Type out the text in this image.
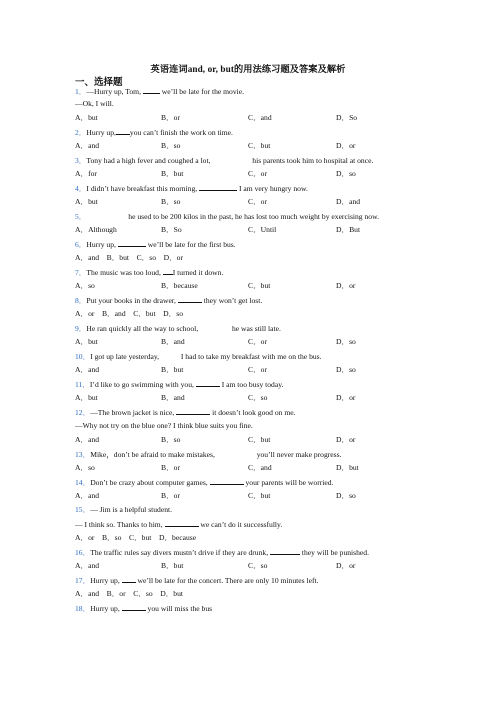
英语连词and, or, but的用法练习题及答案及解析
一、选择题
1．—Hurry up, Tom,  we’ll be late for the movie.
—Ok, I will.
A．but	B．or	C．and	D．So
2．Hurry up, you can’t finish the work on time.
A．and	B．so	C．but	D．or
3．Tony had a high fever and coughed a lot,	his parents took him to hospital at once.
A．for	B．but	C．or	D．so
4．I didn’t have breakfast this morning,	I am very hungry now.
A．but	B．so	C．or	D．and
5．	he used to be 200 kilos in the past, he has lost too much weight by exercising now.
A．Although	B．So	C．Until	D．But
6．Hurry up,	we’ll be late for the first bus.
A．and    B．but    C．so    D．or
7．The music was too loud, I turned it down.
A．so	B．because	C．but	D．or
8．Put your books in the drawer,	they won’t get lost.
A．or    B．and    C．but    D．so
9．He ran quickly all the way to school,	he was still late.
A．but	B．and	C．or	D．so
10．I got up late yesterday,  I had to take my breakfast with me on the bus.
A．and	B．but	C．or	D．so
11．I’d like to go swimming with you,	I am too busy today.
A．but	B．and	C．so	D．or
12．—The brown jacket is nice,	it doesn’t look good on me.
—Why not try on the blue one? I think blue suits you fine.
A．and	B．so	C．but	D．or
13．Mike，don’t be afraid to make mistakes,	you’ll never make progress.
A．so	B．or	C．and	D．but
14．Don’t be crazy about computer games,	your parents will be worried.
A．and	B．or	C．but	D．so
15．— Jim is a helpful student.
— I think so. Thanks to him,	we can’t do it successfully.
A．or    B．so    C．but    D．because
16．The traffic rules say divers mustn’t drive if they are drunk,	they will be punished.
A．and	B．but	C．so	D．or
17．Hurry up,  we’ll be late for the concert. There are only 10 minutes left.
A．and    B．or    C．so    D．but
18．Hurry up,	you will miss the bus
